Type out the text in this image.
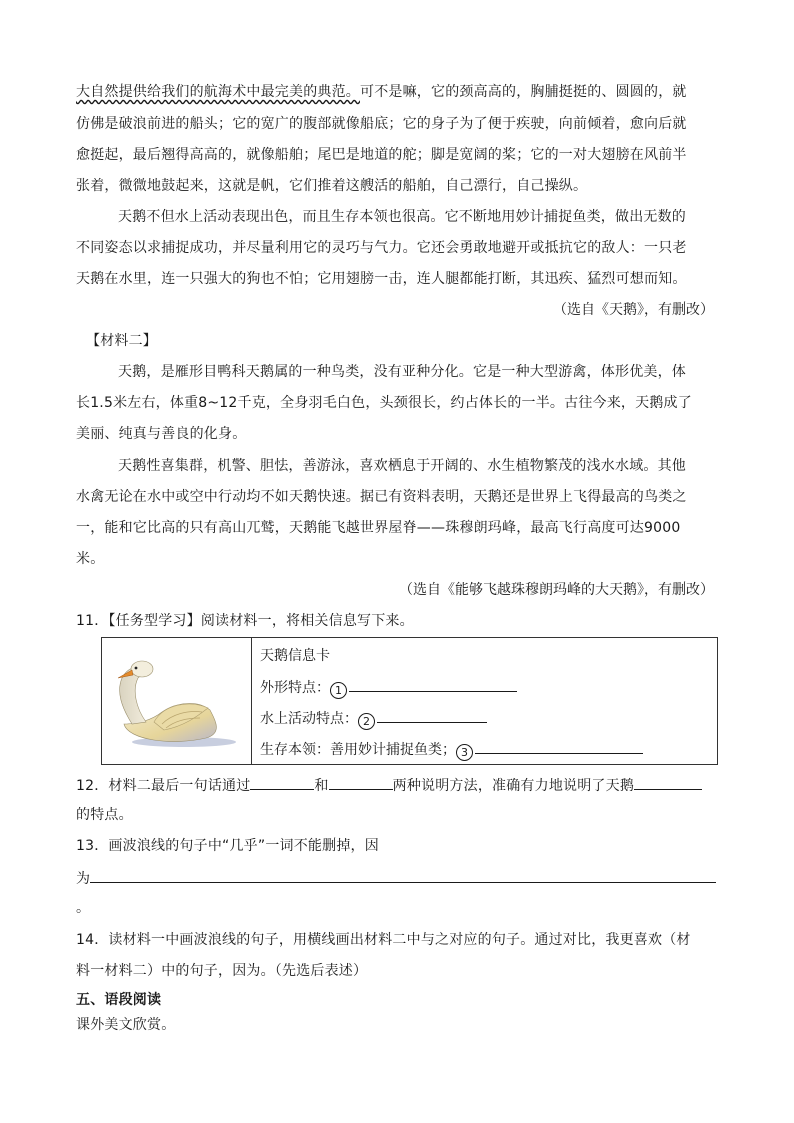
大自然提供给我们的航海术中最完美的典范。可不是嘛，它的颈高高的，胸脯挺挺的、圆圆的，就
仿佛是破浪前进的船头；它的宽广的腹部就像船底；它的身子为了便于疾驶，向前倾着，愈向后就
愈挺起，最后翘得高高的，就像船舶；尾巴是地道的舵；脚是宽阔的桨；它的一对大翅膀在风前半
张着，微微地鼓起来，这就是帆，它们推着这艘活的船舶，自己漂行，自己操纵。
天鹅不但水上活动表现出色，而且生存本领也很高。它不断地用妙计捕捉鱼类，做出无数的
不同姿态以求捕捉成功，并尽量利用它的灵巧与气力。它还会勇敢地避开或抵抗它的敌人：一只老
天鹅在水里，连一只强大的狗也不怕；它用翅膀一击，连人腿都能打断，其迅疾、猛烈可想而知。
（选自《天鹅》，有删改）
【材料二】
天鹅，是雁形目鸭科天鹅属的一种鸟类，没有亚种分化。它是一种大型游禽，体形优美，体
长1.5米左右，体重8~12千克，全身羽毛白色，头颈很长，约占体长的一半。古往今来，天鹅成了
美丽、纯真与善良的化身。
天鹅性喜集群，机警、胆怯，善游泳，喜欢栖息于开阔的、水生植物繁茂的浅水水域。其他
水禽无论在水中或空中行动均不如天鹅快速。据已有资料表明，天鹅还是世界上飞得最高的鸟类之
一，能和它比高的只有高山兀鹫，天鹅能飞越世界屋脊——珠穆朗玛峰，最高飞行高度可达9000
米。
（选自《能够飞越珠穆朗玛峰的大天鹅》，有删改）
11．【任务型学习】阅读材料一，将相关信息写下来。
天鹅信息卡
外形特点： 1
水上活动特点： 2
生存本领：善用妙计捕捉鱼类； 3
12．材料二最后一句话通过	和	两种说明方法，准确有力地说明了天鹅
的特点。
13．画波浪线的句子中“几乎”一词不能删掉，因
为
。
14．读材料一中画波浪线的句子，用横线画出材料二中与之对应的句子。通过对比，我更喜欢（材
料一材料二）中的句子，因为。（先选后表述）
五、语段阅读
课外美文欣赏。
